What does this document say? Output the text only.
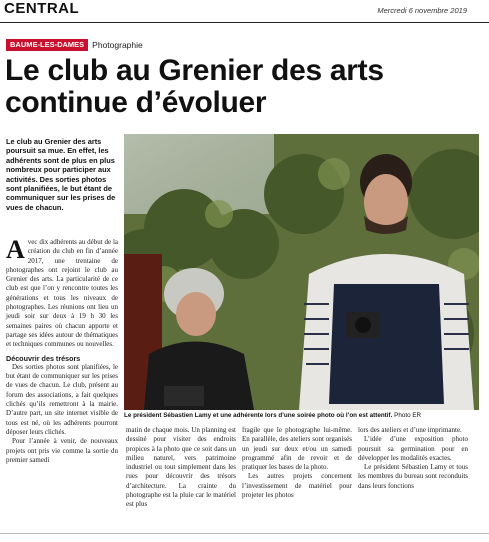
CENTRAL	Mercredi 6 novembre 2019
BAUME-LES-DAMES Photographie
Le club au Grenier des arts
continue d’évoluer
Le club au Grenier des arts poursuit sa mue. En effet, les adhérents sont de plus en plus nombreux pour participer aux activités. Des sorties photos sont planifiées, le but étant de communiquer sur les prises de vues de chacun.

Avec dix adhérents au début de la création du club en fin d’année 2017, une trentaine de photographes ont rejoint le club au Grenier des arts. La particularité de ce club est que l’on y rencontre toutes les générations et tous les niveaux de photographes. Les réunions ont lieu un jeudi soir sur deux à 19 h 30 les semaines paires où chacun apporte et partage ses idées autour de thématiques et techniques communes ou nouvelles.

Découvrir des trésors

Des sorties photos sont planifiées, le but étant de communiquer sur les prises de vues de chacun. Le club, présent au forum des associations, a fait quelques clichés qu’ils remettront à la mairie. D’autre part, un site internet visible de tous est né, où les adhérents pourront déposer leurs clichés.

Pour l’année à venir, de nouveaux projets ont pris vie comme la sortie du premier samedi

Le président Sébastien Lamy et une adhérente lors d’une soirée photo où l’on est attentif. Photo ER

matin de chaque mois. Un planning est dessiné pour visiter des endroits propices à la photo que ce soit dans un milieu naturel, vers patrimoine industriel ou tout simplement dans les rues pour découvrir des trésors d’architecture. La crainte du photographe est la pluie car le matériel est plus

fragile que le photographe lui-même. En parallèle, des ateliers sont organisés un jeudi sur deux et/ou un samedi programmé afin de revoir et de pratiquer les bases de la photo.

Les autres projets concernent l’investissement de matériel pour projeter les photos

lors des ateliers et d’une imprimante.

L’idée d’une exposition photo poursuit sa germination pour en développer les modalités exactes.

Le président Sébastien Lamy et tous les membres du bureau sont reconduits dans leurs fonctions
